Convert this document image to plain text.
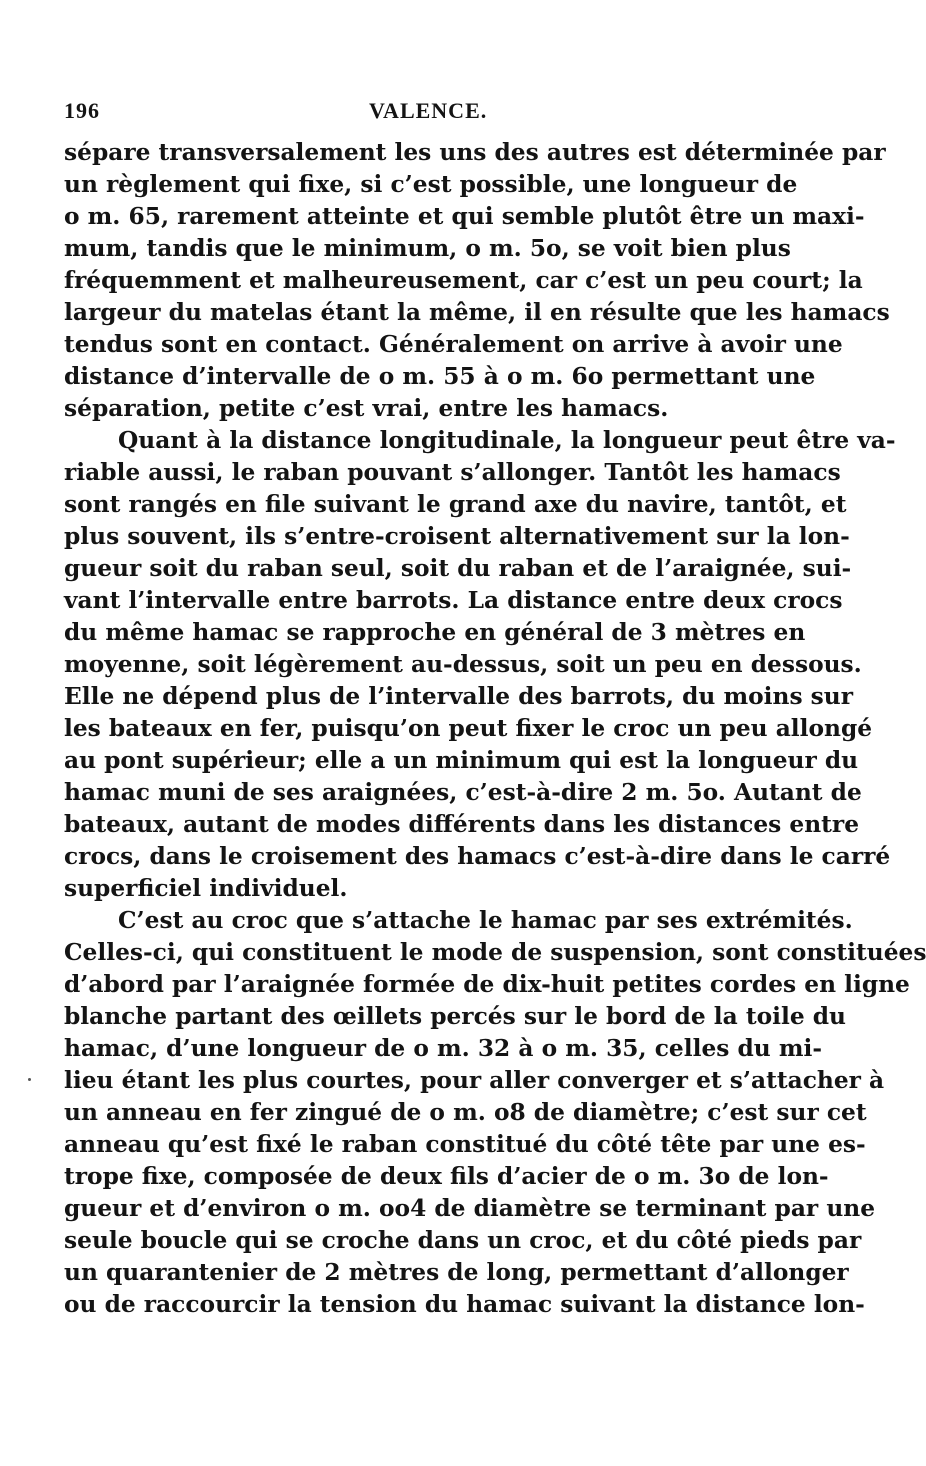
196	VALENCE.
sépare transversalement les uns des autres est déterminée par
un règlement qui fixe, si c’est possible, une longueur de
o m. 65, rarement atteinte et qui semble plutôt être un maxi-
mum, tandis que le minimum, o m. 5o, se voit bien plus
fréquemment et malheureusement, car c’est un peu court; la
largeur du matelas étant la même, il en résulte que les hamacs
tendus sont en contact. Généralement on arrive à avoir une
distance d’intervalle de o m. 55 à o m. 6o permettant une
séparation, petite c’est vrai, entre les hamacs.
Quant à la distance longitudinale, la longueur peut être va-
riable aussi, le raban pouvant s’allonger. Tantôt les hamacs
sont rangés en file suivant le grand axe du navire, tantôt, et
plus souvent, ils s’entre-croisent alternativement sur la lon-
gueur soit du raban seul, soit du raban et de l’araignée, sui-
vant l’intervalle entre barrots. La distance entre deux crocs
du même hamac se rapproche en général de 3 mètres en
moyenne, soit légèrement au-dessus, soit un peu en dessous.
Elle ne dépend plus de l’intervalle des barrots, du moins sur
les bateaux en fer, puisqu’on peut fixer le croc un peu allongé
au pont supérieur; elle a un minimum qui est la longueur du
hamac muni de ses araignées, c’est-à-dire 2 m. 5o. Autant de
bateaux, autant de modes différents dans les distances entre
crocs, dans le croisement des hamacs c’est-à-dire dans le carré
superficiel individuel.
C’est au croc que s’attache le hamac par ses extrémités.
Celles-ci, qui constituent le mode de suspension, sont constituées
d’abord par l’araignée formée de dix-huit petites cordes en ligne
blanche partant des œillets percés sur le bord de la toile du
hamac, d’une longueur de o m. 32 à o m. 35, celles du mi-
lieu étant les plus courtes, pour aller converger et s’attacher à
un anneau en fer zingué de o m. o8 de diamètre; c’est sur cet
anneau qu’est fixé le raban constitué du côté tête par une es-
trope fixe, composée de deux fils d’acier de o m. 3o de lon-
gueur et d’environ o m. oo4 de diamètre se terminant par une
seule boucle qui se croche dans un croc, et du côté pieds par
un quarantenier de 2 mètres de long, permettant d’allonger
ou de raccourcir la tension du hamac suivant la distance lon-
